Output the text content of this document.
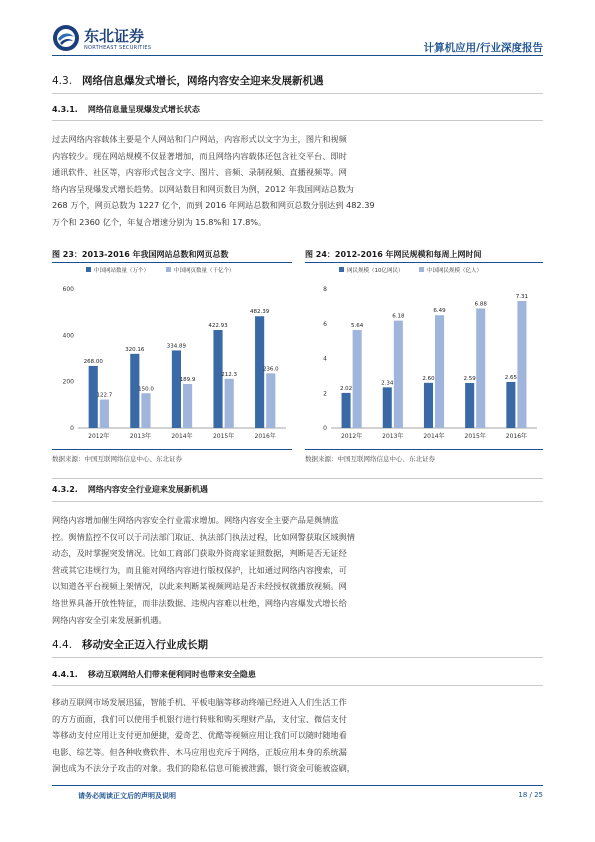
东北证券
NORTHEAST SECURITIES	计算机应用/行业深度报告
4.3. 网络信息爆发式增长，网络内容安全迎来发展新机遇
4.3.1. 网络信息量呈现爆发式增长状态
过去网络内容载体主要是个人网站和门户网站，内容形式以文字为主，图片和视频
内容较少。现在网站规模不仅显著增加，而且网络内容载体还包含社交平台、即时
通讯软件、社区等，内容形式包含文字、图片、音频、录制视频、直播视频等。网
络内容呈现爆发式增长趋势。以网站数目和网页数目为例，2012 年我国网站总数为
268 万个，网页总数为 1227 亿个，而到 2016 年网站总数和网页总数分别达到 482.39
万个和 2360 亿个，年复合增速分别为 15.8%和 17.8%。
图 23：2013-2016 年我国网站总数和网页总数
中国网站数量（万个）	中国网页数量（千亿个）
0
200
400
600
268.00
122.7
2012年
320.16
150.0
2013年
334.89
189.9
2014年
422.93
212.3
2015年
482.39
236.0
2016年
数据来源：中国互联网络信息中心、东北证券
图 24：2012-2016 年网民规模和每周上网时间
网民规模（10亿网民）	中国网民规模（亿人）
0
2
4
6
8
2.02
5.64
2012年
2.34
6.18
2013年
2.60
6.49
2014年
2.59
6.88
2015年
2.65
7.31
2016年
数据来源：中国互联网络信息中心、东北证券
4.3.2. 网络内容安全行业迎来发展新机遇
网络内容增加催生网络内容安全行业需求增加。网络内容安全主要产品是舆情监
控。舆情监控不仅可以于司法部门取证、执法部门执法过程，比如网警获取区域舆情
动态，及时掌握突发情况。比如工商部门获取外资商家证照数据，判断是否无证经
营或其它违规行为，而且能对网络内容进行版权保护，比如通过网络内容搜索，可
以知道各平台视频上架情况，以此来判断某视频网站是否未经授权就播放视频。网
络世界具备开放性特征，而非法数据、违规内容难以杜绝，网络内容爆发式增长给
网络内容安全引来发展新机遇。
4.4. 移动安全正迈入行业成长期
4.4.1. 移动互联网给人们带来便利同时也带来安全隐患
移动互联网市场发展迅猛，智能手机、平板电脑等移动终端已经进入人们生活工作
的方方面面，我们可以使用手机银行进行转账和购买理财产品，支付宝、微信支付
等移动支付应用让支付更加便捷，爱奇艺、优酷等视频应用让我们可以随时随地看
电影、综艺等。但各种收费软件、木马应用也充斥于网络，正版应用本身的系统漏
洞也成为不法分子攻击的对象。我们的隐私信息可能被泄露，银行资金可能被盗刷，
请务必阅读正文后的声明及说明	18 / 25
